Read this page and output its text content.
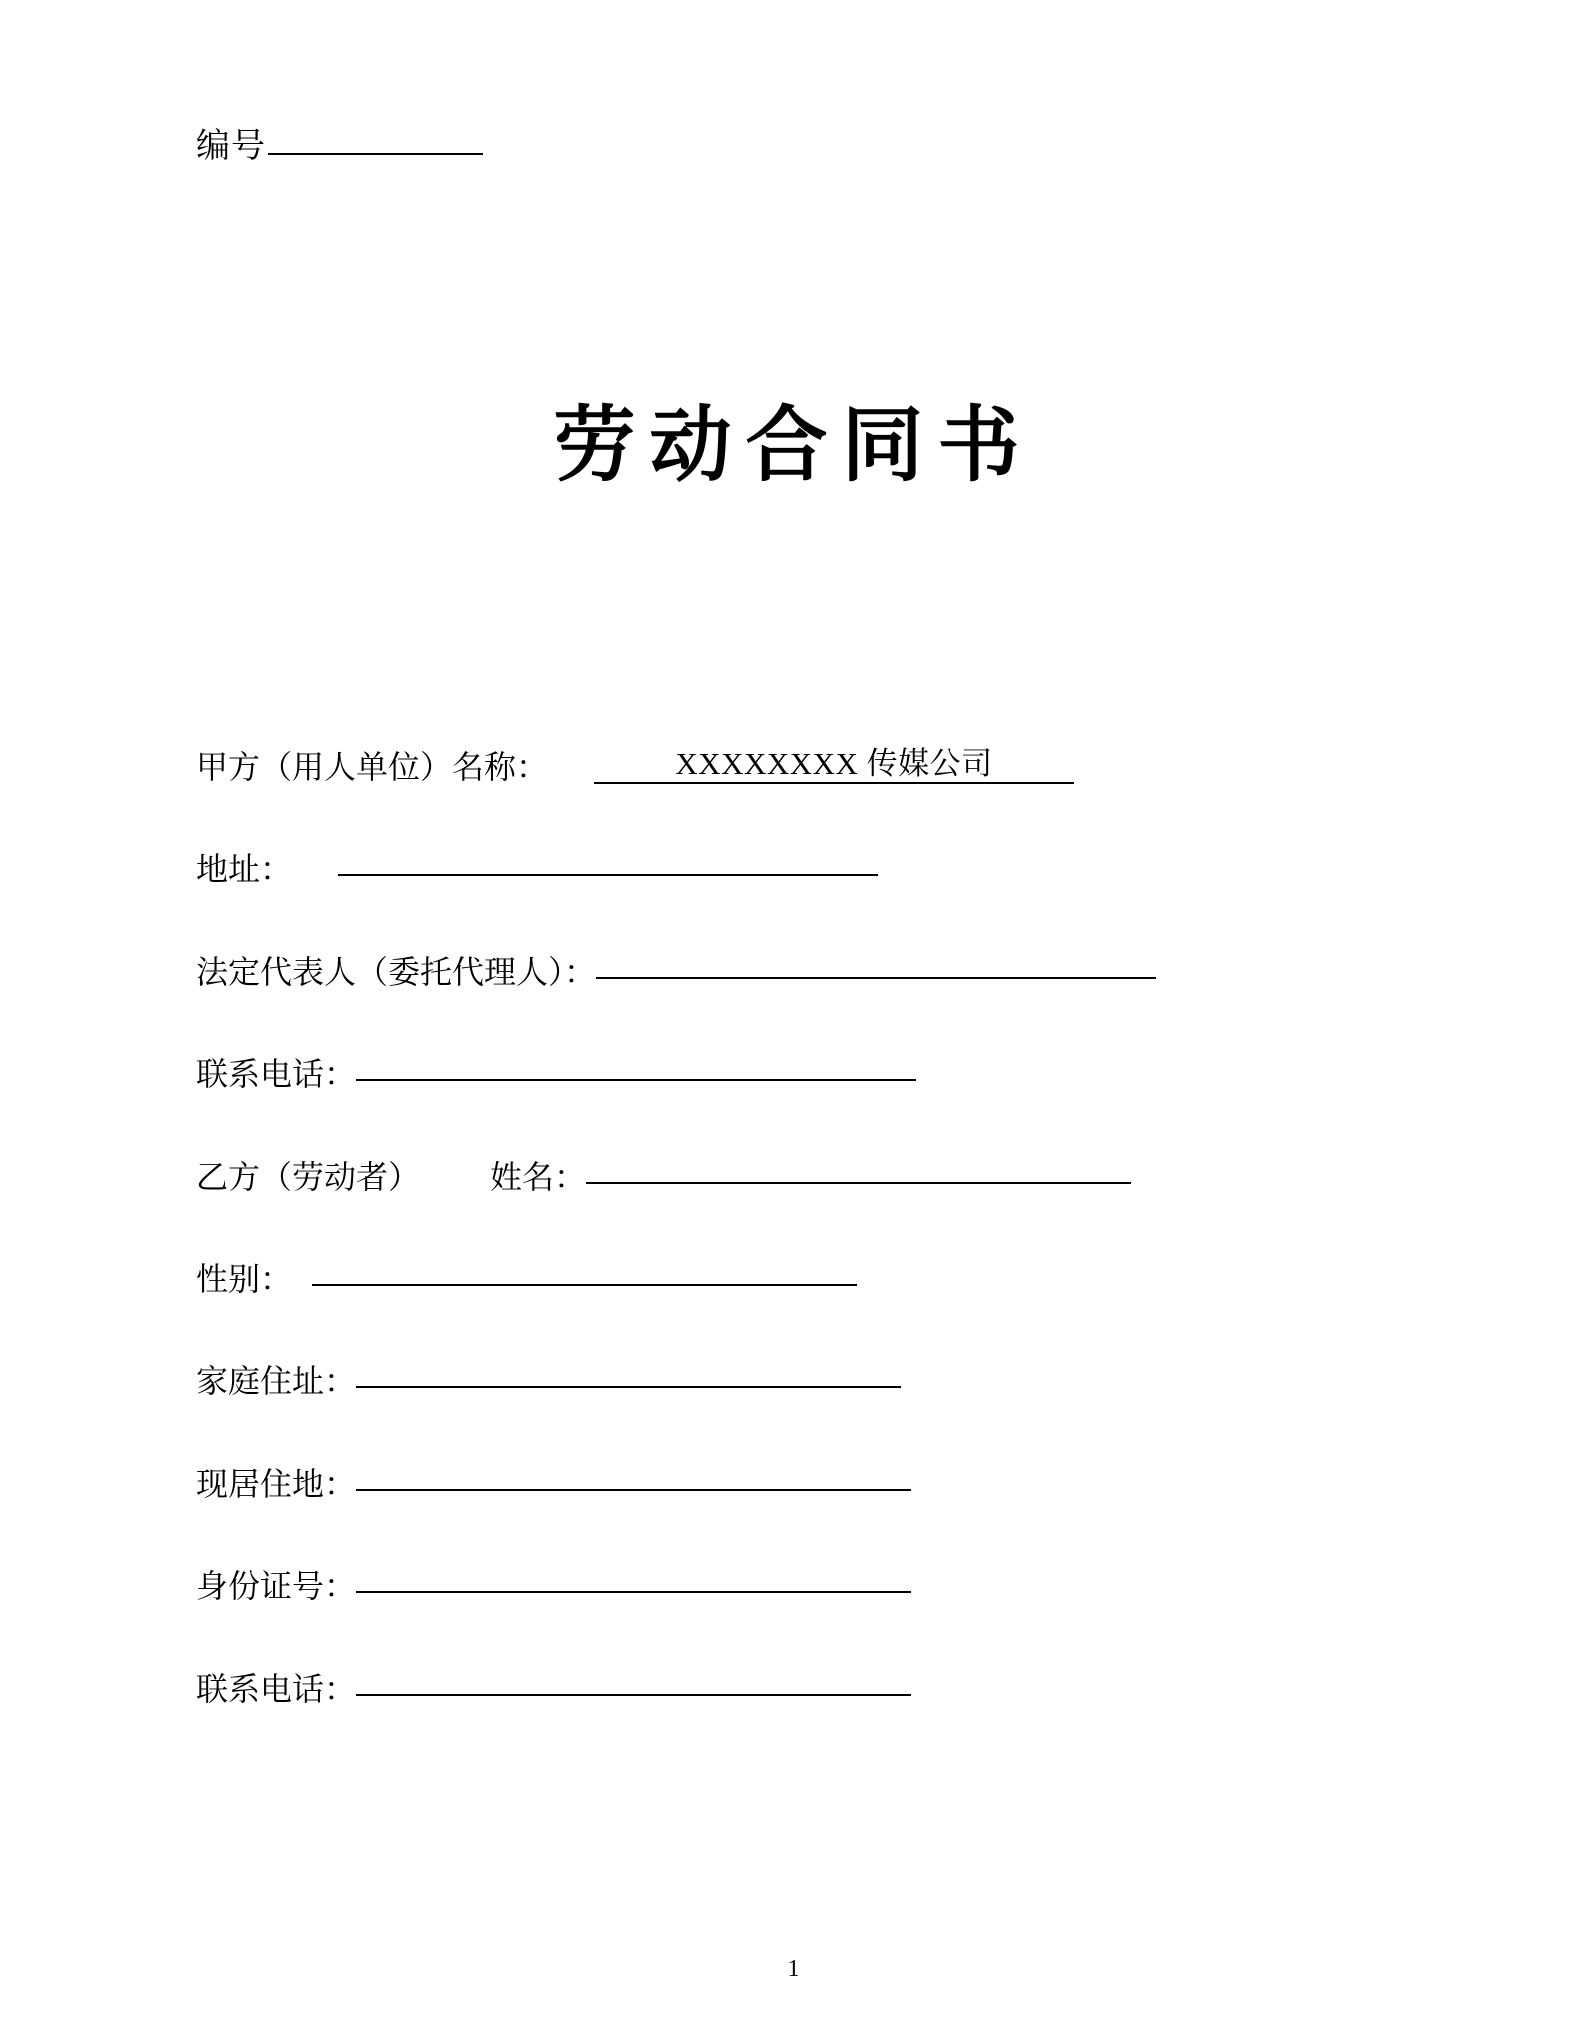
编号
劳动合同书
甲方（用人单位）名称：	XXXXXXXX 传媒公司
地址：
法定代表人（委托代理人）：
联系电话：
乙方（劳动者） 姓名：
性别：
家庭住址：
现居住地：
身份证号：
联系电话：
1
